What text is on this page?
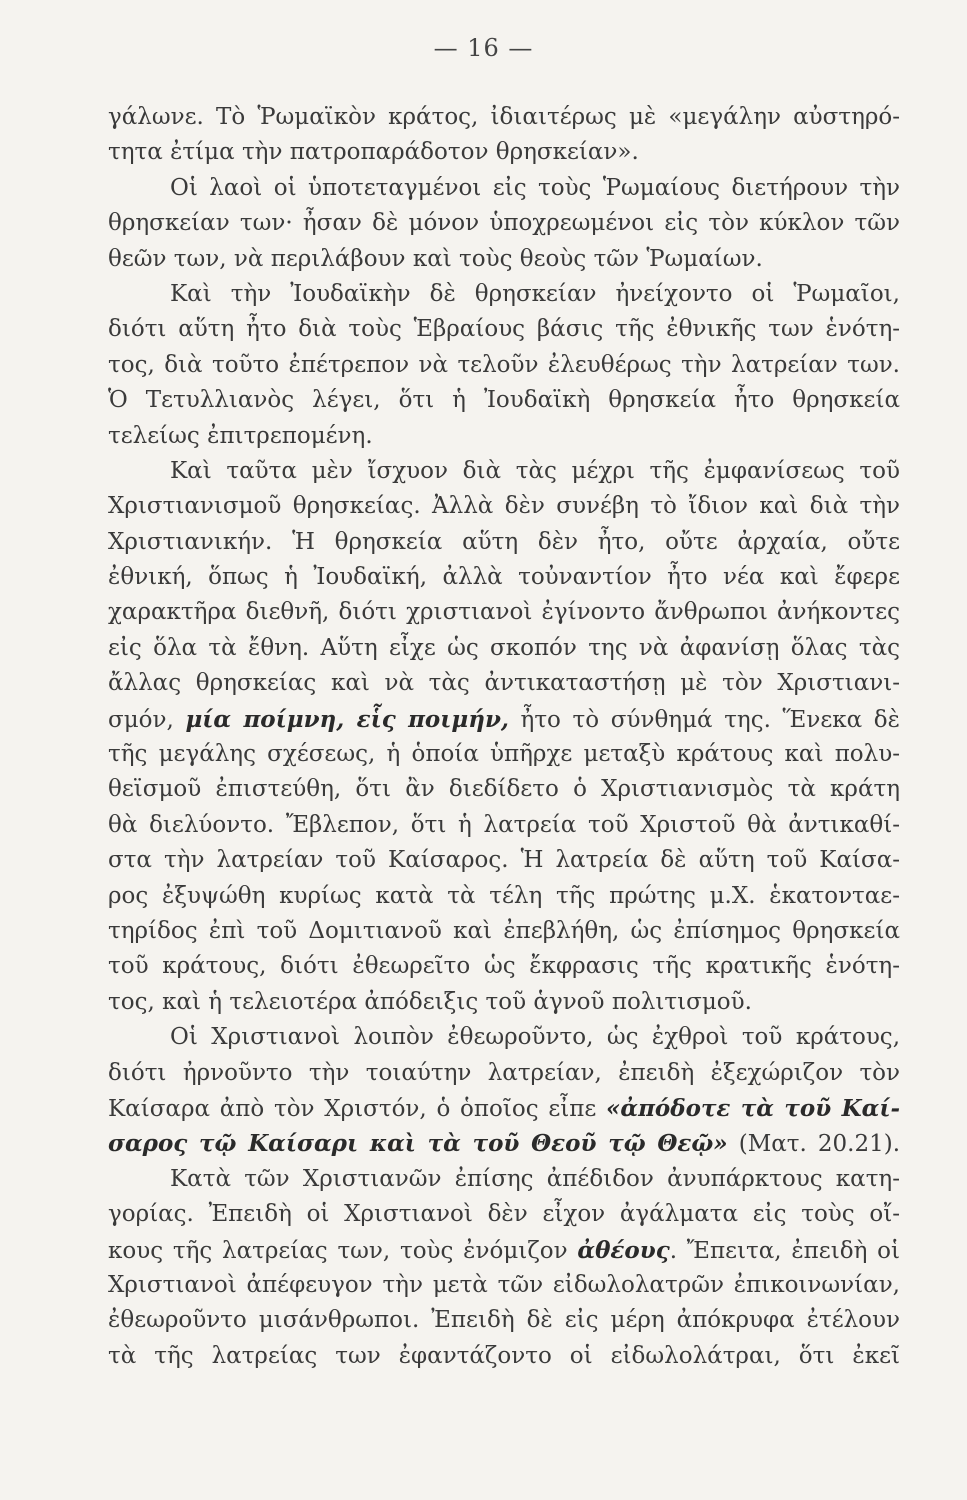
— 16 —
γάλωνε. Τὸ Ῥωμαϊκὸν κράτος, ἰδιαιτέρως μὲ «μεγάλην αὐστηρό-
τητα ἐτίμα τὴν πατροπαράδοτον θρησκείαν».
Οἱ λαοὶ οἱ ὑποτεταγμένοι εἰς τοὺς Ῥωμαίους διετήρουν τὴν
θρησκείαν των· ἦσαν δὲ μόνον ὑποχρεωμένοι εἰς τὸν κύκλον τῶν
θεῶν των, νὰ περιλάβουν καὶ τοὺς θεοὺς τῶν Ῥωμαίων.
Καὶ τὴν Ἰουδαϊκὴν δὲ θρησκείαν ἠνείχοντο οἱ Ῥωμαῖοι,
διότι αὕτη ἦτο διὰ τοὺς Ἑβραίους βάσις τῆς ἐθνικῆς των ἑνότη-
τος, διὰ τοῦτο ἐπέτρεπον νὰ τελοῦν ἐλευθέρως τὴν λατρείαν των.
Ὁ Τετυλλιανὸς λέγει, ὅτι ἡ Ἰουδαϊκὴ θρησκεία ἦτο θρησκεία
τελείως ἐπιτρεπομένη.
Καὶ ταῦτα μὲν ἴσχυον διὰ τὰς μέχρι τῆς ἐμφανίσεως τοῦ
Χριστιανισμοῦ θρησκείας. Ἀλλὰ δὲν συνέβη τὸ ἴδιον καὶ διὰ τὴν
Χριστιανικήν. Ἡ θρησκεία αὕτη δὲν ἦτο, οὔτε ἀρχαία, οὔτε
ἐθνική, ὅπως ἡ Ἰουδαϊκή, ἀλλὰ τοὐναντίον ἦτο νέα καὶ ἔφερε
χαρακτῆρα διεθνῆ, διότι χριστιανοὶ ἐγίνοντο ἄνθρωποι ἀνήκοντες
εἰς ὅλα τὰ ἔθνη. Αὕτη εἶχε ὡς σκοπόν της νὰ ἀφανίσῃ ὅλας τὰς
ἄλλας θρησκείας καὶ νὰ τὰς ἀντικαταστήσῃ μὲ τὸν Χριστιανι-
σμόν, μία ποίμνη, εἷς ποιμήν, ἦτο τὸ σύνθημά της. Ἕνεκα δὲ
τῆς μεγάλης σχέσεως, ἡ ὁποία ὑπῆρχε μεταξὺ κράτους καὶ πολυ-
θεϊσμοῦ ἐπιστεύθη, ὅτι ἂν διεδίδετο ὁ Χριστιανισμὸς τὰ κράτη
θὰ διελύοντο. Ἔβλεπον, ὅτι ἡ λατρεία τοῦ Χριστοῦ θὰ ἀντικαθί-
στα τὴν λατρείαν τοῦ Καίσαρος. Ἡ λατρεία δὲ αὕτη τοῦ Καίσα-
ρος ἐξυψώθη κυρίως κατὰ τὰ τέλη τῆς πρώτης μ.Χ. ἑκατονταε-
τηρίδος ἐπὶ τοῦ Δομιτιανοῦ καὶ ἐπεβλήθη, ὡς ἐπίσημος θρησκεία
τοῦ κράτους, διότι ἐθεωρεῖτο ὡς ἔκφρασις τῆς κρατικῆς ἑνότη-
τος, καὶ ἡ τελειοτέρα ἀπόδειξις τοῦ ἁγνοῦ πολιτισμοῦ.
Οἱ Χριστιανοὶ λοιπὸν ἐθεωροῦντο, ὡς ἐχθροὶ τοῦ κράτους,
διότι ἠρνοῦντο τὴν τοιαύτην λατρείαν, ἐπειδὴ ἐξεχώριζον τὸν
Καίσαρα ἀπὸ τὸν Χριστόν, ὁ ὁποῖος εἶπε «ἀπόδοτε τὰ τοῦ Καί-
σαρος τῷ Καίσαρι καὶ τὰ τοῦ Θεοῦ τῷ Θεῷ» (Ματ. 20.21).
Κατὰ τῶν Χριστιανῶν ἐπίσης ἀπέδιδον ἀνυπάρκτους κατη-
γορίας. Ἐπειδὴ οἱ Χριστιανοὶ δὲν εἶχον ἀγάλματα εἰς τοὺς οἴ-
κους τῆς λατρείας των, τοὺς ἐνόμιζον ἀθέους. Ἔπειτα, ἐπειδὴ οἱ
Χριστιανοὶ ἀπέφευγον τὴν μετὰ τῶν εἰδωλολατρῶν ἐπικοινωνίαν,
ἐθεωροῦντο μισάνθρωποι. Ἐπειδὴ δὲ εἰς μέρη ἀπόκρυφα ἐτέλουν
τὰ τῆς λατρείας των ἐφαντάζοντο οἱ εἰδωλολάτραι, ὅτι ἐκεῖ
